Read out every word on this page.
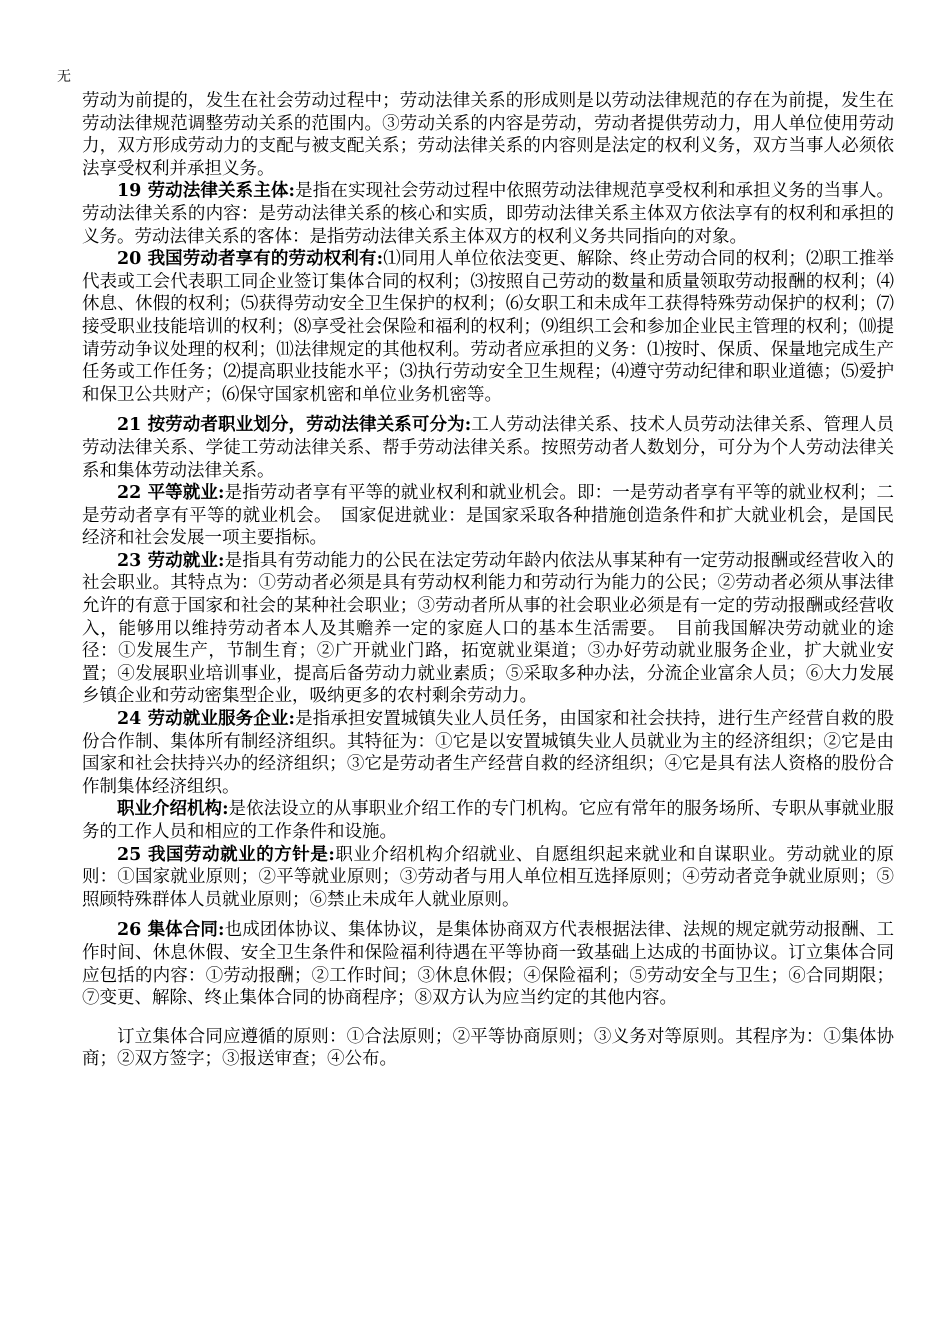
无

劳动为前提的，发生在社会劳动过程中；劳动法律关系的形成则是以劳动法律规范的存在为前提，发生在劳动法律规范调整劳动关系的范围内。③劳动关系的内容是劳动，劳动者提供劳动力，用人单位使用劳动力，双方形成劳动力的支配与被支配关系；劳动法律关系的内容则是法定的权利义务，双方当事人必须依法享受权利并承担义务。

19 劳动法律关系主体:是指在实现社会劳动过程中依照劳动法律规范享受权利和承担义务的当事人。劳动法律关系的内容：是劳动法律关系的核心和实质，即劳动法律关系主体双方依法享有的权利和承担的义务。劳动法律关系的客体：是指劳动法律关系主体双方的权利义务共同指向的对象。

20 我国劳动者享有的劳动权利有:⑴同用人单位依法变更、解除、终止劳动合同的权利；⑵职工推举代表或工会代表职工同企业签订集体合同的权利；⑶按照自己劳动的数量和质量领取劳动报酬的权利；⑷休息、休假的权利；⑸获得劳动安全卫生保护的权利；⑹女职工和未成年工获得特殊劳动保护的权利；⑺接受职业技能培训的权利；⑻享受社会保险和福利的权利；⑼组织工会和参加企业民主管理的权利；⑽提请劳动争议处理的权利；⑾法律规定的其他权利。劳动者应承担的义务：⑴按时、保质、保量地完成生产任务或工作任务；⑵提高职业技能水平；⑶执行劳动安全卫生规程；⑷遵守劳动纪律和职业道德；⑸爱护和保卫公共财产；⑹保守国家机密和单位业务机密等。

21 按劳动者职业划分，劳动法律关系可分为:工人劳动法律关系、技术人员劳动法律关系、管理人员劳动法律关系、学徒工劳动法律关系、帮手劳动法律关系。按照劳动者人数划分，可分为个人劳动法律关系和集体劳动法律关系。

22 平等就业:是指劳动者享有平等的就业权利和就业机会。即：一是劳动者享有平等的就业权利；二是劳动者享有平等的就业机会。　国家促进就业：是国家采取各种措施创造条件和扩大就业机会，是国民经济和社会发展一项主要指标。

23 劳动就业:是指具有劳动能力的公民在法定劳动年龄内依法从事某种有一定劳动报酬或经营收入的社会职业。其特点为：①劳动者必须是具有劳动权利能力和劳动行为能力的公民；②劳动者必须从事法律允许的有意于国家和社会的某种社会职业；③劳动者所从事的社会职业必须是有一定的劳动报酬或经营收入，能够用以维持劳动者本人及其赡养一定的家庭人口的基本生活需要。　目前我国解决劳动就业的途径：①发展生产，节制生育；②广开就业门路，拓宽就业渠道；③办好劳动就业服务企业，扩大就业安置；④发展职业培训事业，提高后备劳动力就业素质；⑤采取多种办法，分流企业富余人员；⑥大力发展乡镇企业和劳动密集型企业，吸纳更多的农村剩余劳动力。

24 劳动就业服务企业:是指承担安置城镇失业人员任务，由国家和社会扶持，进行生产经营自救的股份合作制、集体所有制经济组织。其特征为：①它是以安置城镇失业人员就业为主的经济组织；②它是由国家和社会扶持兴办的经济组织；③它是劳动者生产经营自救的经济组织；④它是具有法人资格的股份合作制集体经济组织。

职业介绍机构:是依法设立的从事职业介绍工作的专门机构。它应有常年的服务场所、专职从事就业服务的工作人员和相应的工作条件和设施。

25 我国劳动就业的方针是:职业介绍机构介绍就业、自愿组织起来就业和自谋职业。劳动就业的原则：①国家就业原则；②平等就业原则；③劳动者与用人单位相互选择原则；④劳动者竞争就业原则；⑤照顾特殊群体人员就业原则；⑥禁止未成年人就业原则。

26 集体合同:也成团体协议、集体协议，是集体协商双方代表根据法律、法规的规定就劳动报酬、工作时间、休息休假、安全卫生条件和保险福利待遇在平等协商一致基础上达成的书面协议。订立集体合同应包括的内容：①劳动报酬；②工作时间；③休息休假；④保险福利；⑤劳动安全与卫生；⑥合同期限；⑦变更、解除、终止集体合同的协商程序；⑧双方认为应当约定的其他内容。

订立集体合同应遵循的原则：①合法原则；②平等协商原则；③义务对等原则。其程序为：①集体协商；②双方签字；③报送审查；④公布。
